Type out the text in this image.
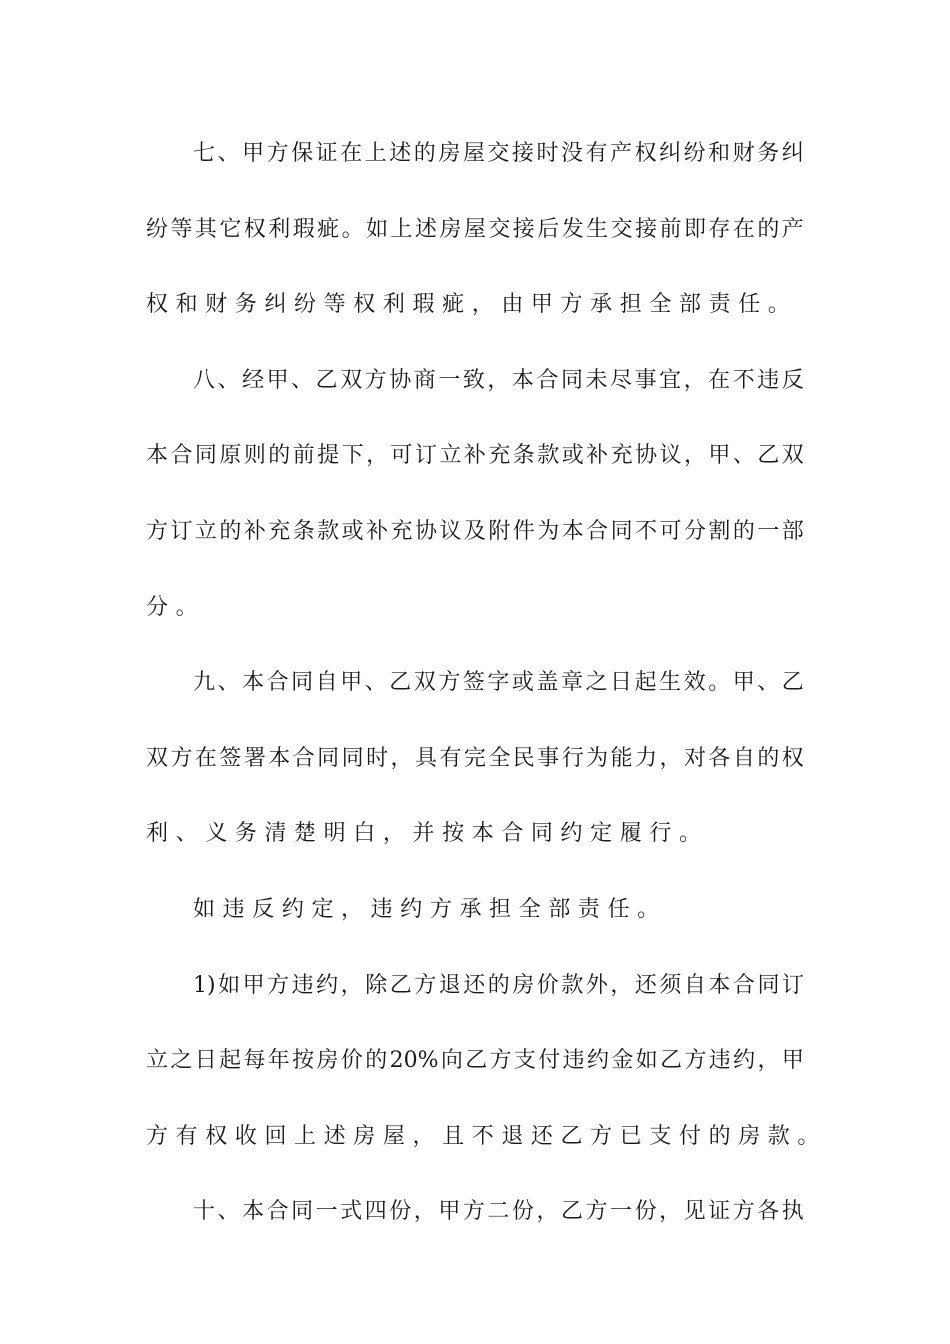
七 、 甲 方 保 证 在 上 述 的 房 屋 交 接 时 没 有 产 权 纠 纷 和 财 务 纠
纷 等 其 它 权 利 瑕 疵 。 如 上 述 房 屋 交 接 后 发 生 交 接 前 即 存 在 的 产
权 和 财 务 纠 纷 等 权 利 瑕 疵 ， 由 甲 方 承 担 全 部 责 任 。
八 、 经 甲 、 乙 双 方 协 商 一 致 ， 本 合 同 未 尽 事 宜 ， 在 不 违 反
本 合 同 原 则 的 前 提 下 ， 可 订 立 补 充 条 款 或 补 充 协 议 ， 甲 、 乙 双
方 订 立 的 补 充 条 款 或 补 充 协 议 及 附 件 为 本 合 同 不 可 分 割 的 一 部
分 。
九 、 本 合 同 自 甲 、 乙 双 方 签 字 或 盖 章 之 日 起 生 效 。 甲 、 乙
双 方 在 签 署 本 合 同 同 时 ， 具 有 完 全 民 事 行 为 能 力 ， 对 各 自 的 权
利 、 义 务 清 楚 明 白 ， 并 按 本 合 同 约 定 履 行 。
如 违 反 约 定 ， 违 约 方 承 担 全 部 责 任 。
1) 如 甲 方 违 约 ， 除 乙 方 退 还 的 房 价 款 外 ， 还 须 自 本 合 同 订
立 之 日 起 每 年 按 房 价 的 20% 向 乙 方 支 付 违 约 金 如 乙 方 违 约 ， 甲
方 有 权 收 回 上 述 房 屋 ， 且 不 退 还 乙 方 已 支 付 的 房 款 。
十 、 本 合 同 一 式 四 份 ， 甲 方 二 份 ， 乙 方 一 份 ， 见 证 方 各 执
